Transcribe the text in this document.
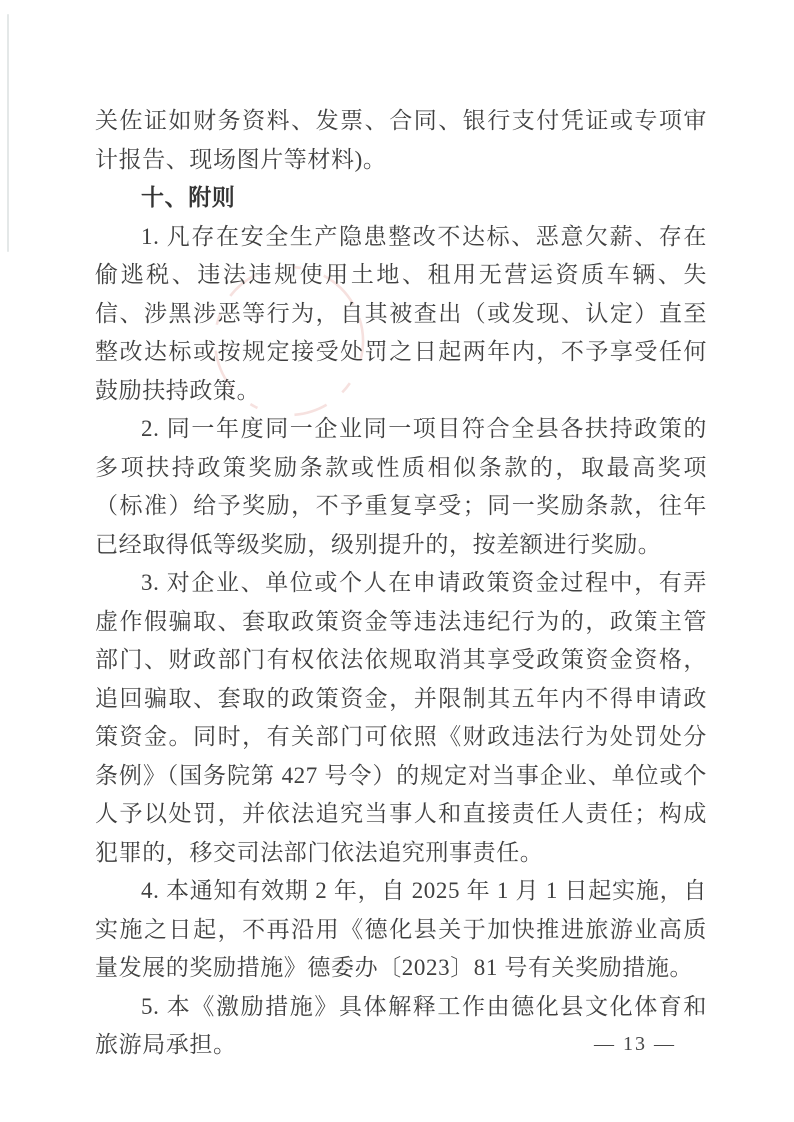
关佐证如财务资料、发票、合同、银行支付凭证或专项审计报告、现场图片等材料)。

十、附则

1. 凡存在安全生产隐患整改不达标、恶意欠薪、存在偷逃税、违法违规使用土地、租用无营运资质车辆、失信、涉黑涉恶等行为，自其被查出（或发现、认定）直至整改达标或按规定接受处罚之日起两年内，不予享受任何鼓励扶持政策。

2. 同一年度同一企业同一项目符合全县各扶持政策的多项扶持政策奖励条款或性质相似条款的，取最高奖项（标准）给予奖励，不予重复享受；同一奖励条款，往年已经取得低等级奖励，级别提升的，按差额进行奖励。

3. 对企业、单位或个人在申请政策资金过程中，有弄虚作假骗取、套取政策资金等违法违纪行为的，政策主管部门、财政部门有权依法依规取消其享受政策资金资格，追回骗取、套取的政策资金，并限制其五年内不得申请政策资金。同时，有关部门可依照《财政违法行为处罚处分条例》（国务院第 427 号令）的规定对当事企业、单位或个人予以处罚，并依法追究当事人和直接责任人责任；构成犯罪的，移交司法部门依法追究刑事责任。

4. 本通知有效期 2 年，自 2025 年 1 月 1 日起实施，自实施之日起，不再沿用《德化县关于加快推进旅游业高质量发展的奖励措施》德委办〔2023〕81 号有关奖励措施。

5. 本《激励措施》具体解释工作由德化县文化体育和旅游局承担。	— 13 —
